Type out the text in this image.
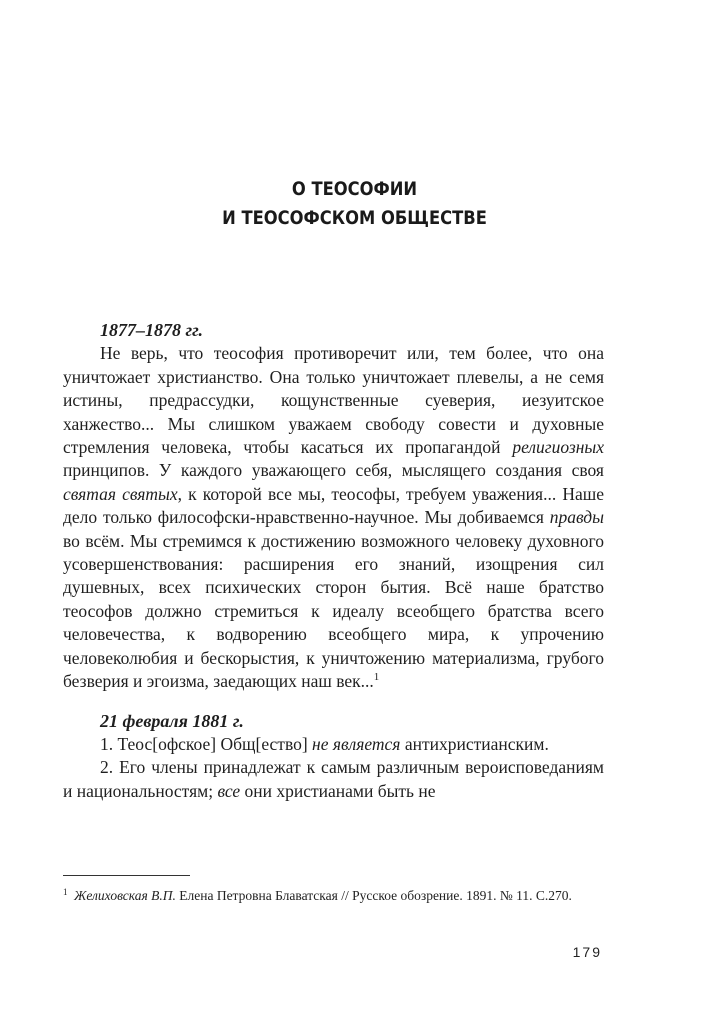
О ТЕОСОФИИ
И ТЕОСОФСКОМ ОБЩЕСТВЕ

1877–1878 гг.

Не верь, что теософия противоречит или, тем более, что она уничтожает христианство. Она только уничтожает плевелы, а не семя истины, предрассудки, кощунственные суеверия, иезуитское ханжество... Мы слишком уважаем свободу совести и духовные стремления человека, чтобы касаться их пропагандой религиозных принципов. У каждого уважающего себя, мыслящего создания своя святая святых, к которой все мы, теософы, требуем уважения... Наше дело только философски-нравственно-научное. Мы добиваемся правды во всём. Мы стремимся к достижению возможного человеку духовного усовершенствования: расширения его знаний, изощрения сил душевных, всех психических сторон бытия. Всё наше братство теософов должно стремиться к идеалу всеобщего братства всего человечества, к водворению всеобщего мира, к упрочению человеколюбия и бескорыстия, к уничтожению материализма, грубого безверия и эгоизма, заедающих наш век...$^1$

21 февраля 1881 г.

1. Теос[офское] Общ[ество] не является антихристианским.

2. Его члены принадлежат к самым различным вероисповеданиям и национальностям; все они христианами быть не

1 Желиховская В.П. Елена Петровна Блаватская // Русское обозрение. 1891. № 11. С.270.
179
